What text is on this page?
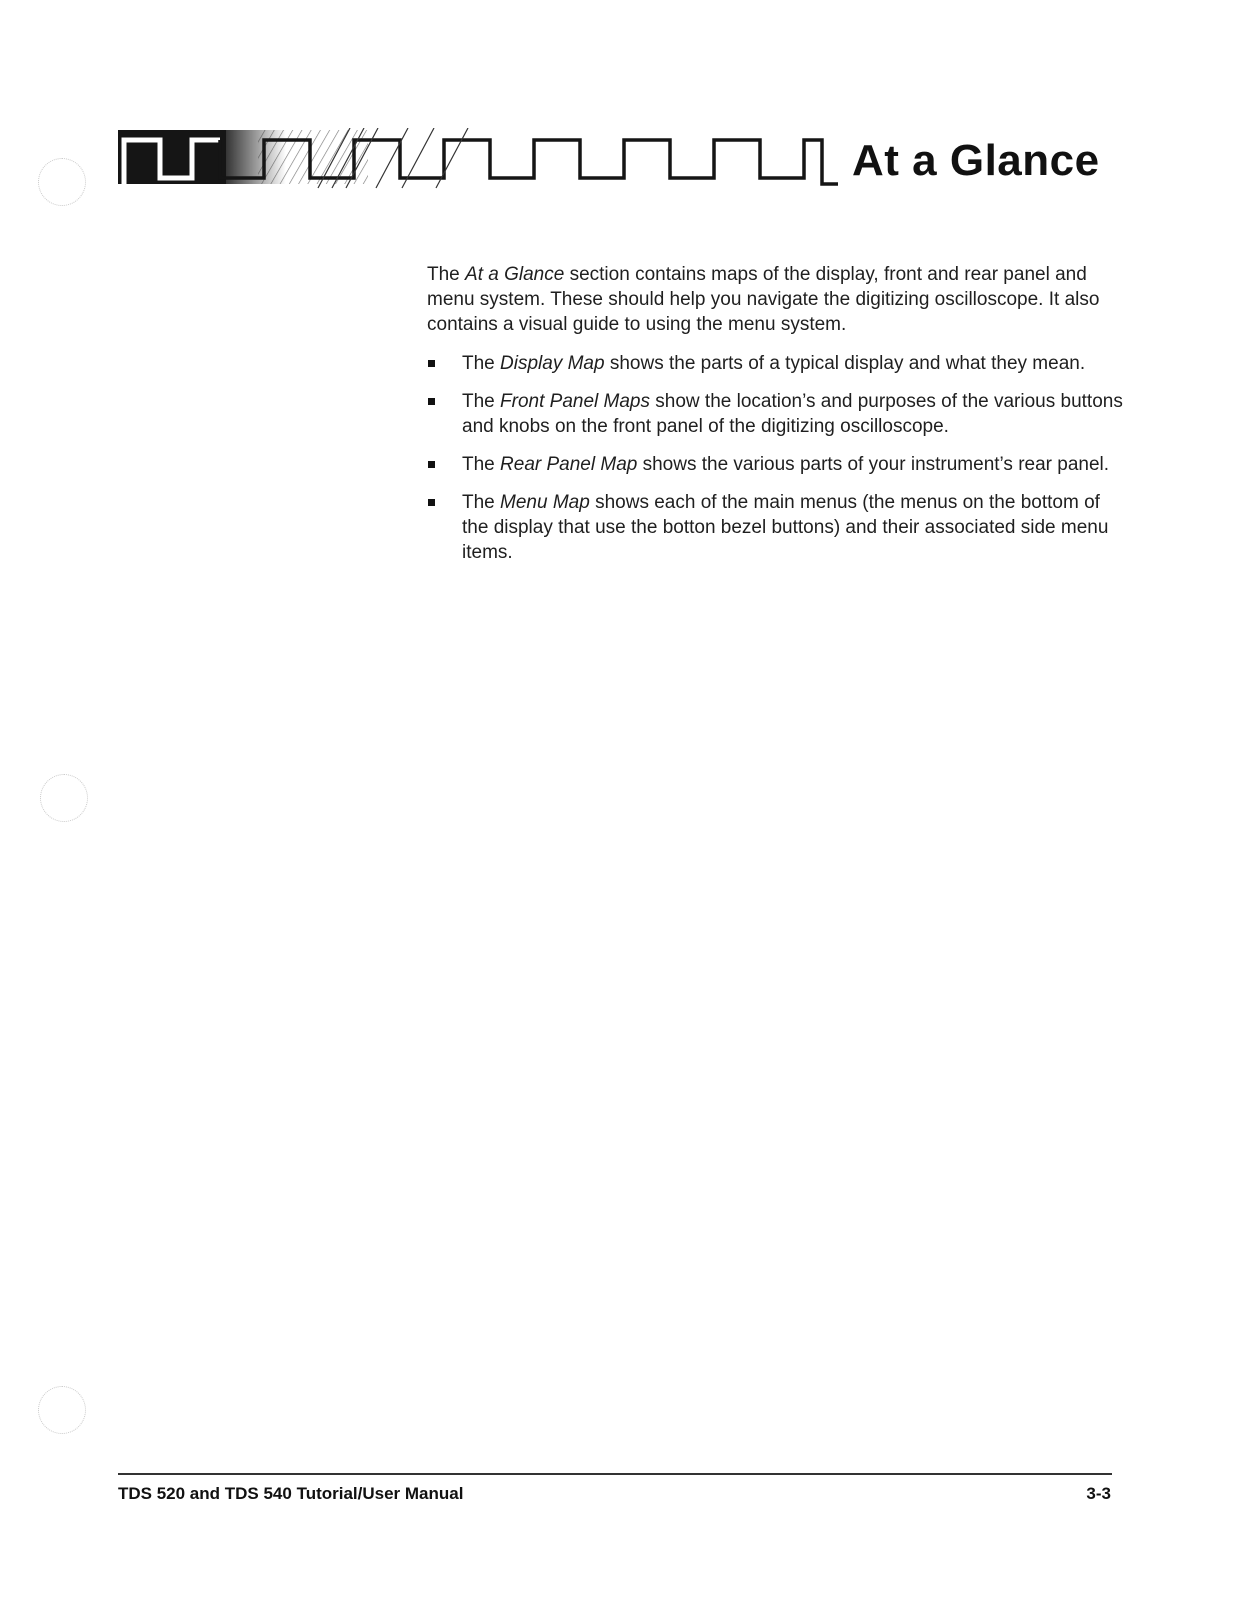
At a Glance

The At a Glance section contains maps of the display, front and rear panel and menu system. These should help you navigate the digitizing oscilloscope. It also contains a visual guide to using the menu system.

The Display Map shows the parts of a typical display and what they mean.
The Front Panel Maps show the location’s and purposes of the various buttons and knobs on the front panel of the digitizing oscilloscope.
The Rear Panel Map shows the various parts of your instrument’s rear panel.
The Menu Map shows each of the main menus (the menus on the bottom of the display that use the botton bezel buttons) and their associated side menu items.
TDS 520 and TDS 540 Tutorial/User Manual	3-3
